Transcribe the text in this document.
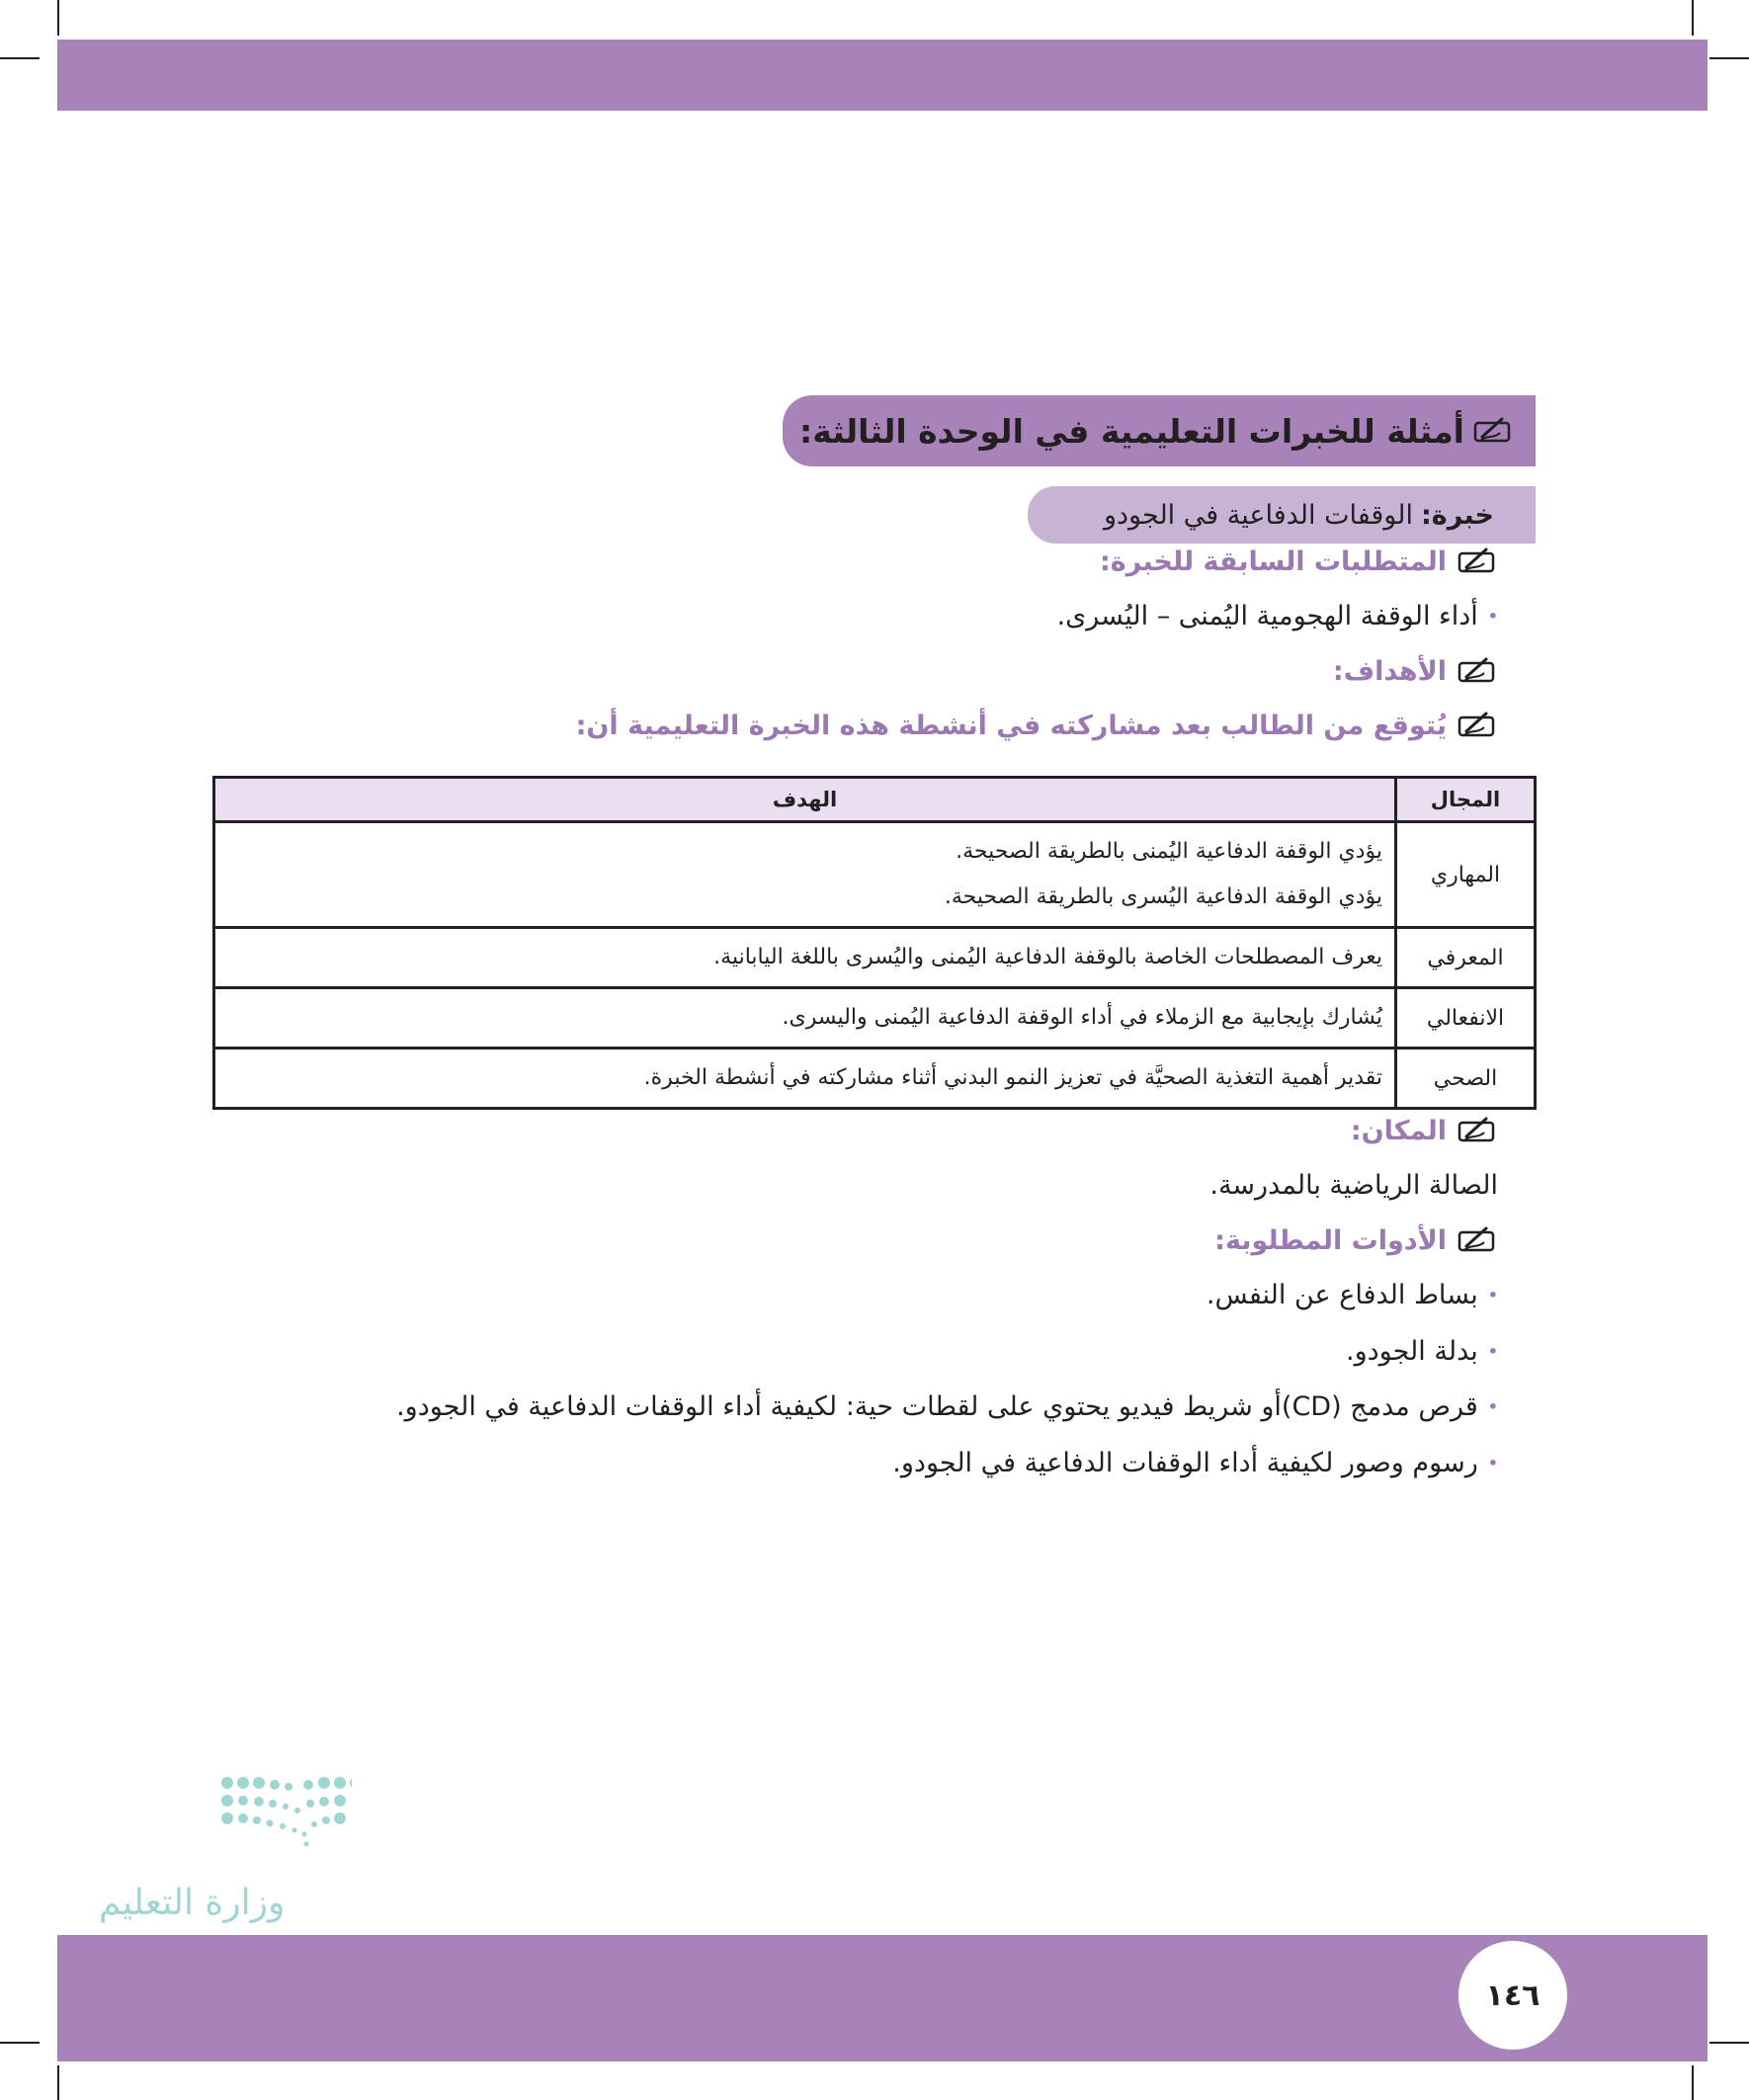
أمثلة للخبرات التعليمية في الوحدة الثالثة:
خبرة:
الوقفات الدفاعية في الجودو
المتطلبات السابقة للخبرة:
•
أداء الوقفة الهجومية اليُمنى – اليُسرى.
الأهداف:
يُتوقع من الطالب بعد مشاركته في أنشطة هذه الخبرة التعليمية أن:
المجال	الهدف
المهاري	يؤدي الوقفة الدفاعية اليُمنى بالطريقة الصحيحة.
يؤدي الوقفة الدفاعية اليُسرى بالطريقة الصحيحة.

المعرفي	يعرف المصطلحات الخاصة بالوقفة الدفاعية اليُمنى واليُسرى باللغة اليابانية.

الانفعالي	يُشارك بإيجابية مع الزملاء في أداء الوقفة الدفاعية اليُمنى واليسرى.

الصحي	تقدير أهمية التغذية الصحيَّة في تعزيز النمو البدني أثناء مشاركته في أنشطة الخبرة.
المكان:
الصالة الرياضية بالمدرسة.
الأدوات المطلوبة:
•
بساط الدفاع عن النفس.
•
بدلة الجودو.
•
قرص مدمج (CD)أو شريط فيديو يحتوي على لقطات حية: لكيفية أداء الوقفات الدفاعية في الجودو.
•
رسوم وصور لكيفية أداء الوقفات الدفاعية في الجودو.
وزارة التعليم
١٤٦
